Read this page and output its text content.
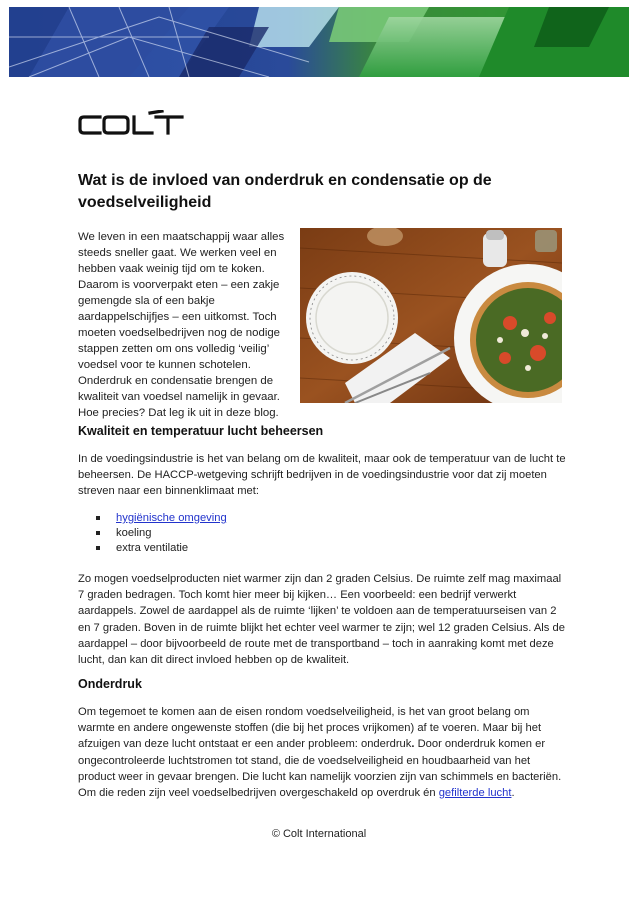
Wat is de invloed van onderdruk en condensatie op de voedselveiligheid

We leven in een maatschappij waar alles steeds sneller gaat. We werken veel en hebben vaak weinig tijd om te koken. Daarom is voorverpakt eten – een zakje gemengde sla of een bakje aardappelschijfjes – een uitkomst. Toch moeten voedselbedrijven nog de nodige stappen zetten om ons volledig ‘veilig’ voedsel voor te kunnen schotelen. Onderdruk en condensatie brengen de kwaliteit van voedsel namelijk in gevaar. Hoe precies? Dat leg ik uit in deze blog.

Kwaliteit en temperatuur lucht beheersen

In de voedingsindustrie is het van belang om de kwaliteit, maar ook de temperatuur van de lucht te beheersen. De HACCP-wetgeving schrijft bedrijven in de voedingsindustrie voor dat zij moeten streven naar een binnenklimaat met:

hygiënische omgeving
koeling
extra ventilatie

Zo mogen voedselproducten niet warmer zijn dan 2 graden Celsius. De ruimte zelf mag maximaal 7 graden bedragen. Toch komt hier meer bij kijken… Een voorbeeld: een bedrijf verwerkt aardappels. Zowel de aardappel als de ruimte ‘lijken’ te voldoen aan de temperatuurseisen van 2 en 7 graden. Boven in de ruimte blijkt het echter veel warmer te zijn; wel 12 graden Celsius. Als de aardappel – door bijvoorbeeld de route met de transportband – toch in aanraking komt met deze lucht, dan kan dit direct invloed hebben op de kwaliteit.

Onderdruk

Om tegemoet te komen aan de eisen rondom voedselveiligheid, is het van groot belang om warmte en andere ongewenste stoffen (die bij het proces vrijkomen) af te voeren. Maar bij het afzuigen van deze lucht ontstaat er een ander probleem: onderdruk. Door onderdruk komen er ongecontroleerde luchtstromen tot stand, die de voedselveiligheid en houdbaarheid van het product weer in gevaar brengen. Die lucht kan namelijk voorzien zijn van schimmels en bacteriën. Om die reden zijn veel voedselbedrijven overgeschakeld op overdruk én gefilterde lucht.

© Colt International
